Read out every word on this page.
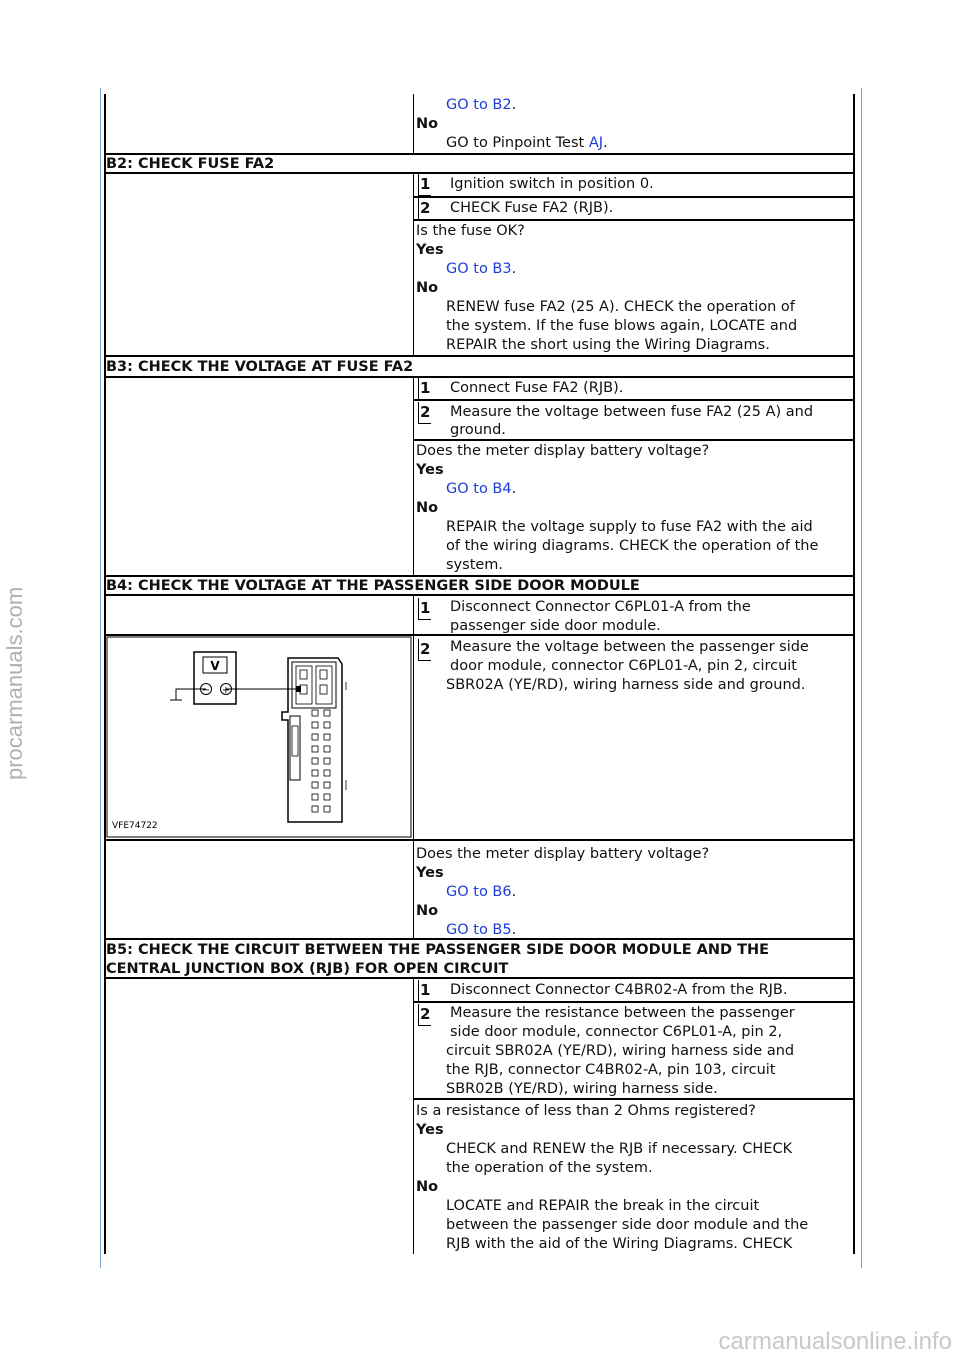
GO to B2.
No
GO to Pinpoint Test AJ.
B2: CHECK FUSE FA2
1 Ignition switch in position 0.
2 CHECK Fuse FA2 (RJB).
Is the fuse OK?
Yes
GO to B3.
No
RENEW fuse FA2 (25 A). CHECK the operation of
the system. If the fuse blows again, LOCATE and
REPAIR the short using the Wiring Diagrams.
B3: CHECK THE VOLTAGE AT FUSE FA2
1 Connect Fuse FA2 (RJB).
2 Measure the voltage between fuse FA2 (25 A) and
ground.
Does the meter display battery voltage?
Yes
GO to B4.
No
REPAIR the voltage supply to fuse FA2 with the aid
of the wiring diagrams. CHECK the operation of the
system.
B4: CHECK THE VOLTAGE AT THE PASSENGER SIDE DOOR MODULE
1 Disconnect Connector C6PL01-A from the
passenger side door module.
2 Measure the voltage between the passenger side
door module, connector C6PL01-A, pin 2, circuit
SBR02A (YE/RD), wiring harness side and ground.
V
− +
VFE74722
Does the meter display battery voltage?
Yes
GO to B6.
No
GO to B5.
B5: CHECK THE CIRCUIT BETWEEN THE PASSENGER SIDE DOOR MODULE AND THE
CENTRAL JUNCTION BOX (RJB) FOR OPEN CIRCUIT
1 Disconnect Connector C4BR02-A from the RJB.
2 Measure the resistance between the passenger
side door module, connector C6PL01-A, pin 2,
circuit SBR02A (YE/RD), wiring harness side and
the RJB, connector C4BR02-A, pin 103, circuit
SBR02B (YE/RD), wiring harness side.
Is a resistance of less than 2 Ohms registered?
Yes
CHECK and RENEW the RJB if necessary. CHECK
the operation of the system.
No
LOCATE and REPAIR the break in the circuit
between the passenger side door module and the
RJB with the aid of the Wiring Diagrams. CHECK
procarmanuals.com
carmanualsonline.info
